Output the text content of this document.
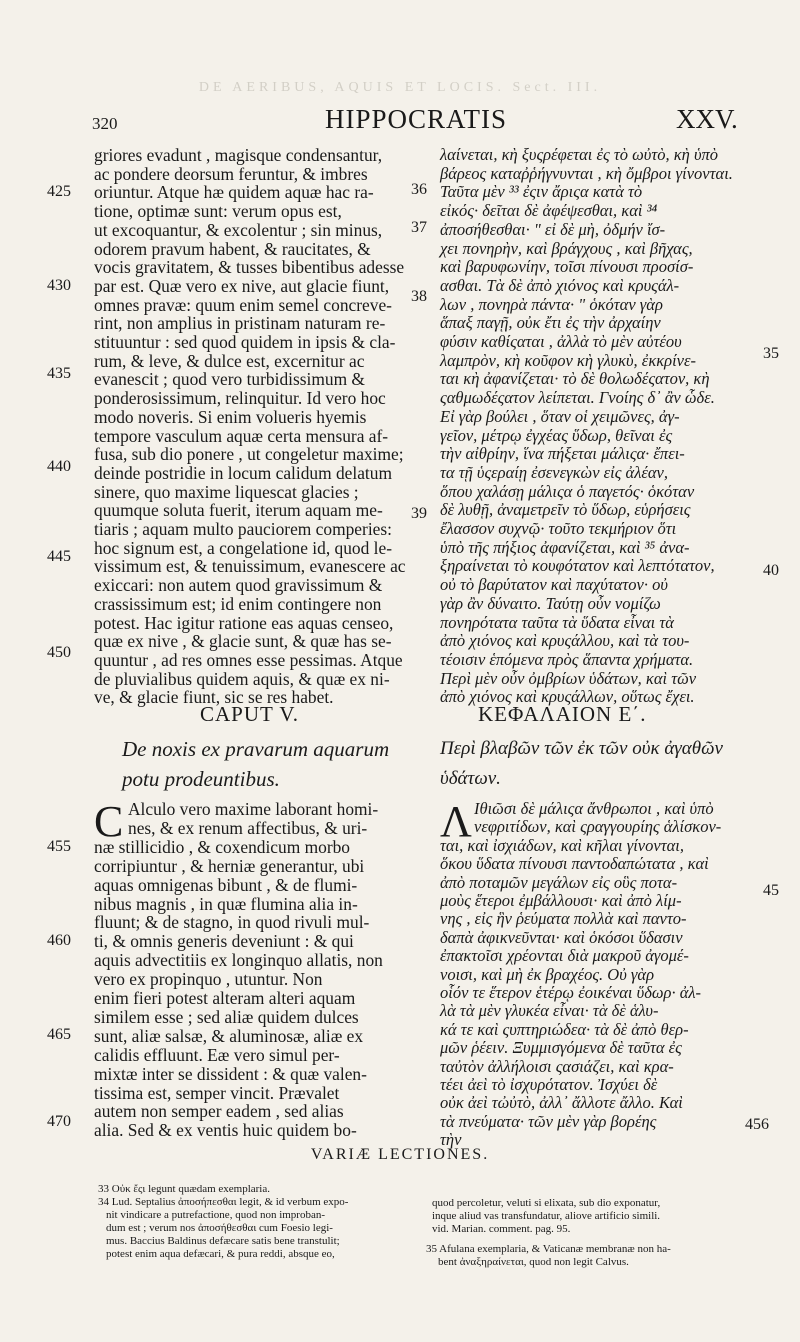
DE AERIBUS, AQUIS ET LOCIS. Sect. III.
320	HIPPOCRATIS	XXV.
griores evadunt , magisque condensantur,
ac pondere deorsum feruntur, & imbres
oriuntur. Atque hæ quidem aquæ hac ra-
tione, optimæ sunt: verum opus est,
ut excoquantur, & excolentur ; sin minus,
odorem pravum habent, & raucitates, &
vocis gravitatem, & tusses bibentibus adesse
par est. Quæ vero ex nive, aut glacie fiunt,
omnes pravæ: quum enim semel concreve-
rint, non amplius in pristinam naturam re-
stituuntur : sed quod quidem in ipsis & cla-
rum, & leve, & dulce est, excernitur ac
evanescit ; quod vero turbidissimum &
ponderosissimum, relinquitur. Id vero hoc
modo noveris. Si enim volueris hyemis
tempore vasculum aquæ certa mensura af-
fusa, sub dio ponere , ut congeletur maxime;
deinde postridie in locum calidum delatum
sinere, quo maxime liquescat glacies ;
quumque soluta fuerit, iterum aquam me-
tiaris ; aquam multo pauciorem comperies:
hoc signum est, a congelatione id, quod le-
vissimum est, & tenuissimum, evanescere ac
exiccari: non autem quod gravissimum &
crassissimum est; id enim contingere non
potest. Hac igitur ratione eas aquas censeo,
quæ ex nive , & glacie sunt, & quæ has se-
quuntur , ad res omnes esse pessimas. Atque
de pluvialibus quidem aquis, & quæ ex ni-
ve, & glacie fiunt, sic se res habet.
λαίνεται, κὴ ξυςρέφεται ἐς τὸ ωὐτὸ, κὴ ὑπὸ
βάρεος καταῤῥήγνυνται , κὴ ὄμβροι γίνονται.
Ταῦτα μὲν ³³ ἐςιν ἄριςα κατὰ τὸ
εἰκός· δεῖται δὲ ἀφέψεσθαι, καὶ ³⁴
ἀποσήθεσθαι· " εἰ δὲ μὴ, ὀδμήν ἴσ-
χει πονηρὴν, καὶ βράγχους , καὶ βῆχας,
καὶ βαρυφωνίην, τοῖσι πίνουσι προσίσ-
ασθαι. Τὰ δὲ ἀπὸ χιόνος καὶ κρυςάλ-
λων , πονηρὰ πάντα· " ὁκόταν γὰρ
ἅπαξ παγῇ, οὐκ ἔτι ἐς τὴν ἀρχαίην
φύσιν καθίςαται , ἀλλὰ τὸ μὲν αὐτέου
λαμπρὸν, κὴ κοῦφον κὴ γλυκὺ, ἐκκρίνε-
ται κὴ ἀφανίζεται· τὸ δὲ θολωδέςατον, κὴ
ςαθμωδέςατον λείπεται. Γνοίης δ᾽ ἂν ὧδε.
Εἰ γὰρ βούλει , ὅταν οἱ χειμῶνες, ἀγ-
γεῖον, μέτρῳ ἐγχέας ὕδωρ, θεῖναι ἐς
τὴν αἰθρίην, ἵνα πήξεται μάλιςα· ἔπει-
τα τῇ ὑςεραίῃ ἐσενεγκὼν εἰς ἀλέαν,
ὅπου χαλάσῃ μάλιςα ὁ παγετός· ὁκόταν
δὲ λυθῇ, ἀναμετρεῖν τὸ ὕδωρ, εὑρήσεις
ἔλασσον συχνῷ· τοῦτο τεκμήριον ὅτι
ὑπὸ τῆς πήξιος ἀφανίζεται, καὶ ³⁵ ἀνα-
ξηραίνεται τὸ κουφότατον καὶ λεπτότατον,
οὐ τὸ βαρύτατον καὶ παχύτατον· οὐ
γὰρ ἂν δύναιτο. Ταύτῃ οὖν νομίζω
πονηρότατα ταῦτα τὰ ὕδατα εἶναι τὰ
ἀπὸ χιόνος καὶ κρυςάλλου, καὶ τὰ του-
τέοισιν ἑπόμενα πρὸς ἅπαντα χρήματα.
Περὶ μὲν οὖν ὀμβρίων ὑδάτων, καὶ τῶν
ἀπὸ χιόνος καὶ κρυςάλλων, οὕτως ἔχει.
CAPUT V.
De noxis ex pravarum aquarum potu prodeuntibus.
ΚΕΦΑΛΑΙΟΝ Ε΄.
Περὶ βλαβῶν τῶν ἐκ τῶν οὐκ ἀγαθῶν ὑδάτων.
C	Λ
Alculo vero maxime laborant homi-
nes, & ex renum affectibus, & uri-
næ stillicidio , & coxendicum morbo
corripiuntur , & herniæ generantur, ubi
aquas omnigenas bibunt , & de flumi-
nibus magnis , in quæ flumina alia in-
fluunt; & de stagno, in quod rivuli mul-
ti, & omnis generis deveniunt : & qui
aquis advectitiis ex longinquo allatis, non
vero ex propinquo , utuntur. Non
enim fieri potest alteram alteri aquam
similem esse ; sed aliæ quidem dulces
sunt, aliæ salsæ, & aluminosæ, aliæ ex
calidis effluunt. Eæ vero simul per-
mixtæ inter se dissident : & quæ valen-
tissima est, semper vincit. Prævalet
autem non semper eadem , sed alias
alia. Sed & ex ventis huic quidem bo-
Ιθιῶσι δὲ μάλιςα ἄνθρωποι , καὶ ὑπὸ
νεφριτίδων, καὶ ςραγγουρίης ἁλίσκον-
ται, καὶ ἰσχιάδων, καὶ κῆλαι γίνονται,
ὅκου ὕδατα πίνουσι παντοδαπώτατα , καὶ
ἀπὸ ποταμῶν μεγάλων εἰς οὓς ποτα-
μοὺς ἕτεροι ἐμβάλλουσι· καὶ ἀπὸ λίμ-
νης , εἰς ἣν ῥεύματα πολλὰ καὶ παντο-
δαπὰ ἀφικνεῦνται· καὶ ὁκόσοι ὕδασιν
ἐπακτοῖσι χρέονται διὰ μακροῦ ἀγομέ-
νοισι, καὶ μὴ ἐκ βραχέος. Οὐ γὰρ
οἷόν τε ἕτερον ἑτέρῳ ἐοικέναι ὕδωρ· ἀλ-
λὰ τὰ μὲν γλυκέα εἶναι· τὰ δὲ ἁλυ-
κά τε καὶ ςυπτηριώδεα· τὰ δὲ ἀπὸ θερ-
μῶν ῥέειν. Ξυμμισγόμενα δὲ ταῦτα ἐς
ταὐτὸν ἀλλήλοισι ςασιάζει, καὶ κρα-
τέει ἀεὶ τὸ ἰσχυρότατον. Ἰσχύει δὲ
οὐκ ἀεὶ τὠὐτὸ, ἀλλ᾽ ἄλλοτε ἄλλο. Καὶ
τὰ πνεύματα· τῶν μὲν γὰρ βορέης
τὴν
425
430
435
440
445
450
455
460
465
470
36
37
38
39
35
40
45
456
VARIÆ LECTIONES.
33 Οὐκ ἔςι legunt quædam exemplaria.
34 Lud. Septalius ἀποσήπεσθαι legit, & id verbum expo-
nit vindicare a putrefactione, quod non improban-
dum est ; verum nos ἀποσήθεσθαι cum Foesio legi-
mus. Baccius Baldinus defæcare satis bene transtulit;
potest enim aqua defæcari, & pura reddi, absque eo,
quod percoletur, veluti si elixata, sub dio exponatur,
inque aliud vas transfundatur, aliove artificio simili.
vid. Marian. comment. pag. 95.
35 Afulana exemplaria, & Vaticanæ membranæ non ha-
bent ἀναξηραίνεται, quod non legit Calvus.
